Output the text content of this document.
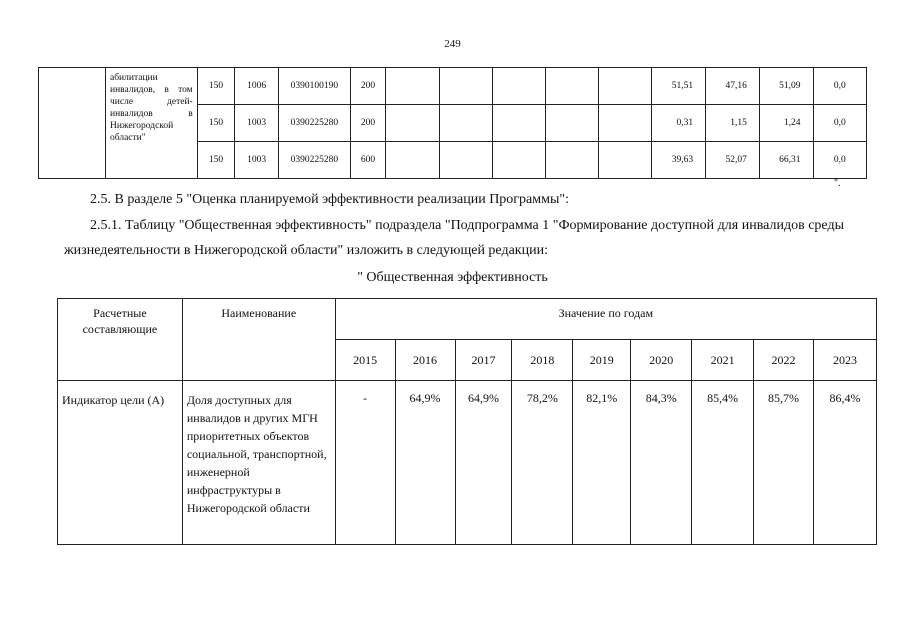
249
	абилитации инвалидов, в том числе детей-инвалидов в Нижегородской области"	150	1006	0390100190	200						51,51	47,16	51,09	0,0
		150	1003	0390225280	200						0,31	1,15	1,24	0,0
		150	1003	0390225280	600						39,63	52,07	66,31	0,0
".
2.5. В разделе 5 "Оценка планируемой эффективности реализации Программы":
2.5.1. Таблицу "Общественная эффективность" подраздела "Подпрограмма 1 "Формирование доступной для инвалидов среды жизнедеятельности в Нижегородской области" изложить в следующей редакции:
" Общественная эффективность
Расчетные составляющие	Наименование	Значение по годам								
		2015	2016	2017	2018	2019	2020	2021	2022	2023
Индикатор цели (А)	Доля доступных для инвалидов и других МГН приоритетных объектов социальной, транспортной, инженерной инфраструктуры в Нижегородской области	-	64,9%	64,9%	78,2%	82,1%	84,3%	85,4%	85,7%	86,4%
